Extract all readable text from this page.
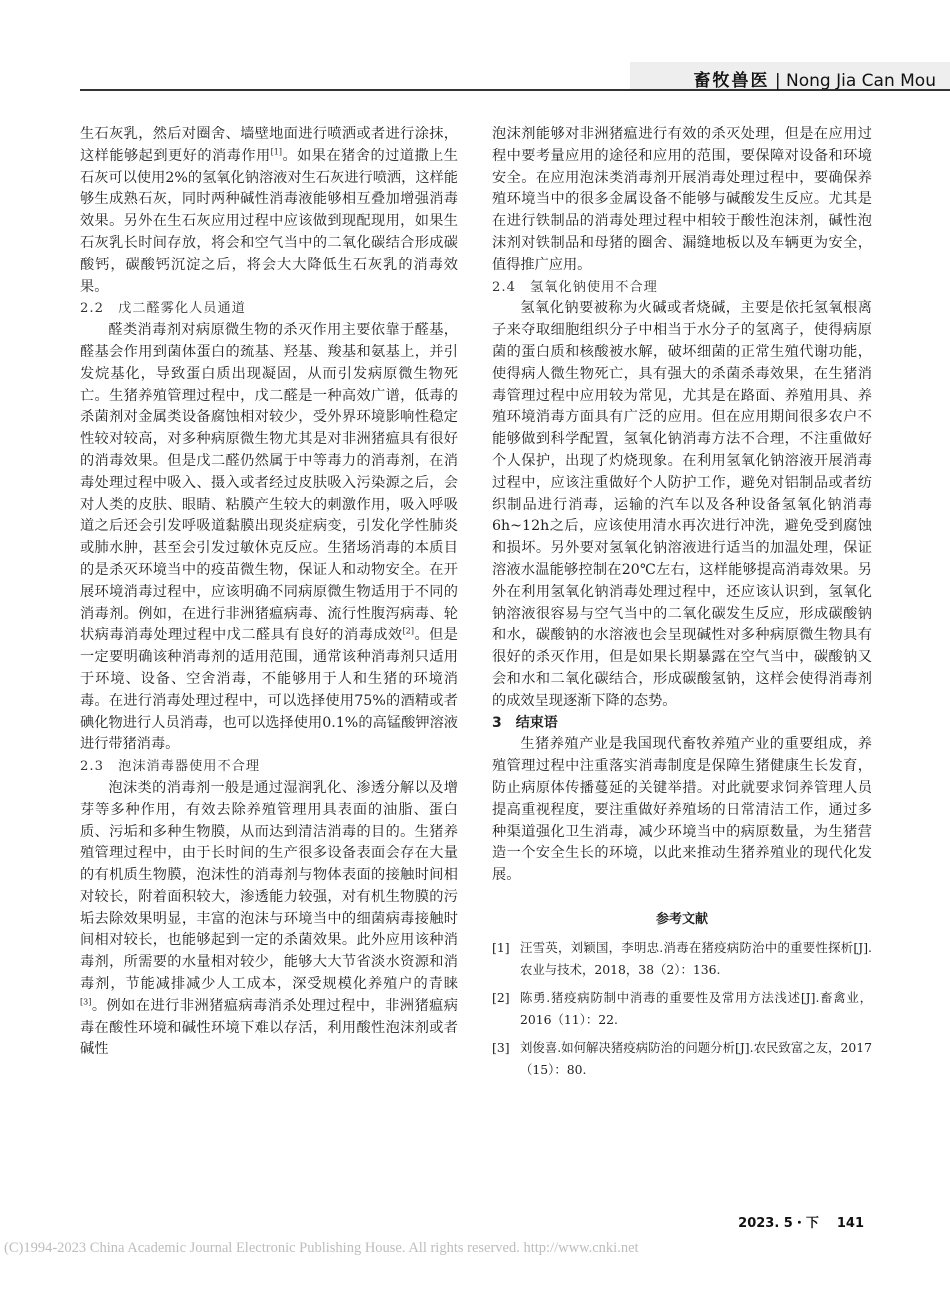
畜牧兽医 | Nong Jia Can Mou

生石灰乳，然后对圈舍、墙壁地面进行喷洒或者进行涂抹，这样能够起到更好的消毒作用[1]。如果在猪舍的过道撒上生石灰可以使用2%的氢氧化钠溶液对生石灰进行喷洒，这样能够生成熟石灰，同时两种碱性消毒液能够相互叠加增强消毒效果。另外在生石灰应用过程中应该做到现配现用，如果生石灰乳长时间存放，将会和空气当中的二氧化碳结合形成碳酸钙，碳酸钙沉淀之后，将会大大降低生石灰乳的消毒效果。

2.2　戊二醛雾化人员通道

醛类消毒剂对病原微生物的杀灭作用主要依靠于醛基，醛基会作用到菌体蛋白的巯基、羟基、羧基和氨基上，并引发烷基化，导致蛋白质出现凝固，从而引发病原微生物死亡。生猪养殖管理过程中，戊二醛是一种高效广谱，低毒的杀菌剂对金属类设备腐蚀相对较少，受外界环境影响性稳定性较对较高，对多种病原微生物尤其是对非洲猪瘟具有很好的消毒效果。但是戊二醛仍然属于中等毒力的消毒剂，在消毒处理过程中吸入、摄入或者经过皮肤吸入污染源之后，会对人类的皮肤、眼睛、粘膜产生较大的刺激作用，吸入呼吸道之后还会引发呼吸道黏膜出现炎症病变，引发化学性肺炎或肺水肿，甚至会引发过敏休克反应。生猪场消毒的本质目的是杀灭环境当中的疫苗微生物，保证人和动物安全。在开展环境消毒过程中，应该明确不同病原微生物适用于不同的消毒剂。例如，在进行非洲猪瘟病毒、流行性腹泻病毒、轮状病毒消毒处理过程中戊二醛具有良好的消毒成效[2]。但是一定要明确该种消毒剂的适用范围，通常该种消毒剂只适用于环境、设备、空舍消毒，不能够用于人和生猪的环境消毒。在进行消毒处理过程中，可以选择使用75%的酒精或者碘化物进行人员消毒，也可以选择使用0.1%的高锰酸钾溶液进行带猪消毒。

2.3　泡沫消毒器使用不合理

泡沫类的消毒剂一般是通过湿润乳化、渗透分解以及增芽等多种作用，有效去除养殖管理用具表面的油脂、蛋白质、污垢和多种生物膜，从而达到清洁消毒的目的。生猪养殖管理过程中，由于长时间的生产很多设备表面会存在大量的有机质生物膜，泡沫性的消毒剂与物体表面的接触时间相对较长，附着面积较大，渗透能力较强，对有机生物膜的污垢去除效果明显，丰富的泡沫与环境当中的细菌病毒接触时间相对较长，也能够起到一定的杀菌效果。此外应用该种消毒剂，所需要的水量相对较少，能够大大节省淡水资源和消毒剂，节能减排减少人工成本，深受规模化养殖户的青睐[3]。例如在进行非洲猪瘟病毒消杀处理过程中，非洲猪瘟病毒在酸性环境和碱性环境下难以存活，利用酸性泡沫剂或者碱性

泡沫剂能够对非洲猪瘟进行有效的杀灭处理，但是在应用过程中要考量应用的途径和应用的范围，要保障对设备和环境安全。在应用泡沫类消毒剂开展消毒处理过程中，要确保养殖环境当中的很多金属设备不能够与碱酸发生反应。尤其是在进行铁制品的消毒处理过程中相较于酸性泡沫剂，碱性泡沫剂对铁制品和母猪的圈舍、漏缝地板以及车辆更为安全，值得推广应用。

2.4　氢氧化钠使用不合理

氢氧化钠要被称为火碱或者烧碱，主要是依托氢氧根离子来夺取细胞组织分子中相当于水分子的氢离子，使得病原菌的蛋白质和核酸被水解，破坏细菌的正常生殖代谢功能，使得病人微生物死亡，具有强大的杀菌杀毒效果，在生猪消毒管理过程中应用较为常见，尤其是在路面、养殖用具、养殖环境消毒方面具有广泛的应用。但在应用期间很多农户不能够做到科学配置，氢氧化钠消毒方法不合理，不注重做好个人保护，出现了灼烧现象。在利用氢氧化钠溶液开展消毒过程中，应该注重做好个人防护工作，避免对铝制品或者纺织制品进行消毒，运输的汽车以及各种设备氢氧化钠消毒6h~12h之后，应该使用清水再次进行冲洗，避免受到腐蚀和损坏。另外要对氢氧化钠溶液进行适当的加温处理，保证溶液水温能够控制在20℃左右，这样能够提高消毒效果。另外在利用氢氧化钠消毒处理过程中，还应该认识到，氢氧化钠溶液很容易与空气当中的二氧化碳发生反应，形成碳酸钠和水，碳酸钠的水溶液也会呈现碱性对多种病原微生物具有很好的杀灭作用，但是如果长期暴露在空气当中，碳酸钠又会和水和二氧化碳结合，形成碳酸氢钠，这样会使得消毒剂的成效呈现逐渐下降的态势。

3　结束语

生猪养殖产业是我国现代畜牧养殖产业的重要组成，养殖管理过程中注重落实消毒制度是保障生猪健康生长发育，防止病原体传播蔓延的关键举措。对此就要求饲养管理人员提高重视程度，要注重做好养殖场的日常清洁工作，通过多种渠道强化卫生消毒，减少环境当中的病原数量，为生猪营造一个安全生长的环境，以此来推动生猪养殖业的现代化发展。

参考文献
[1] 汪雪英，刘颖国，李明忠.消毒在猪疫病防治中的重要性探析[J].农业与技术，2018，38（2）：136.
[2] 陈勇.猪疫病防制中消毒的重要性及常用方法浅述[J].畜禽业，2016（11）：22.
[3] 刘俊喜.如何解决猪疫病防治的问题分析[J].农民致富之友，2017（15）：80.
2023. 5・下 141
(C)1994-2023 China Academic Journal Electronic Publishing House. All rights reserved. http://www.cnki.net
